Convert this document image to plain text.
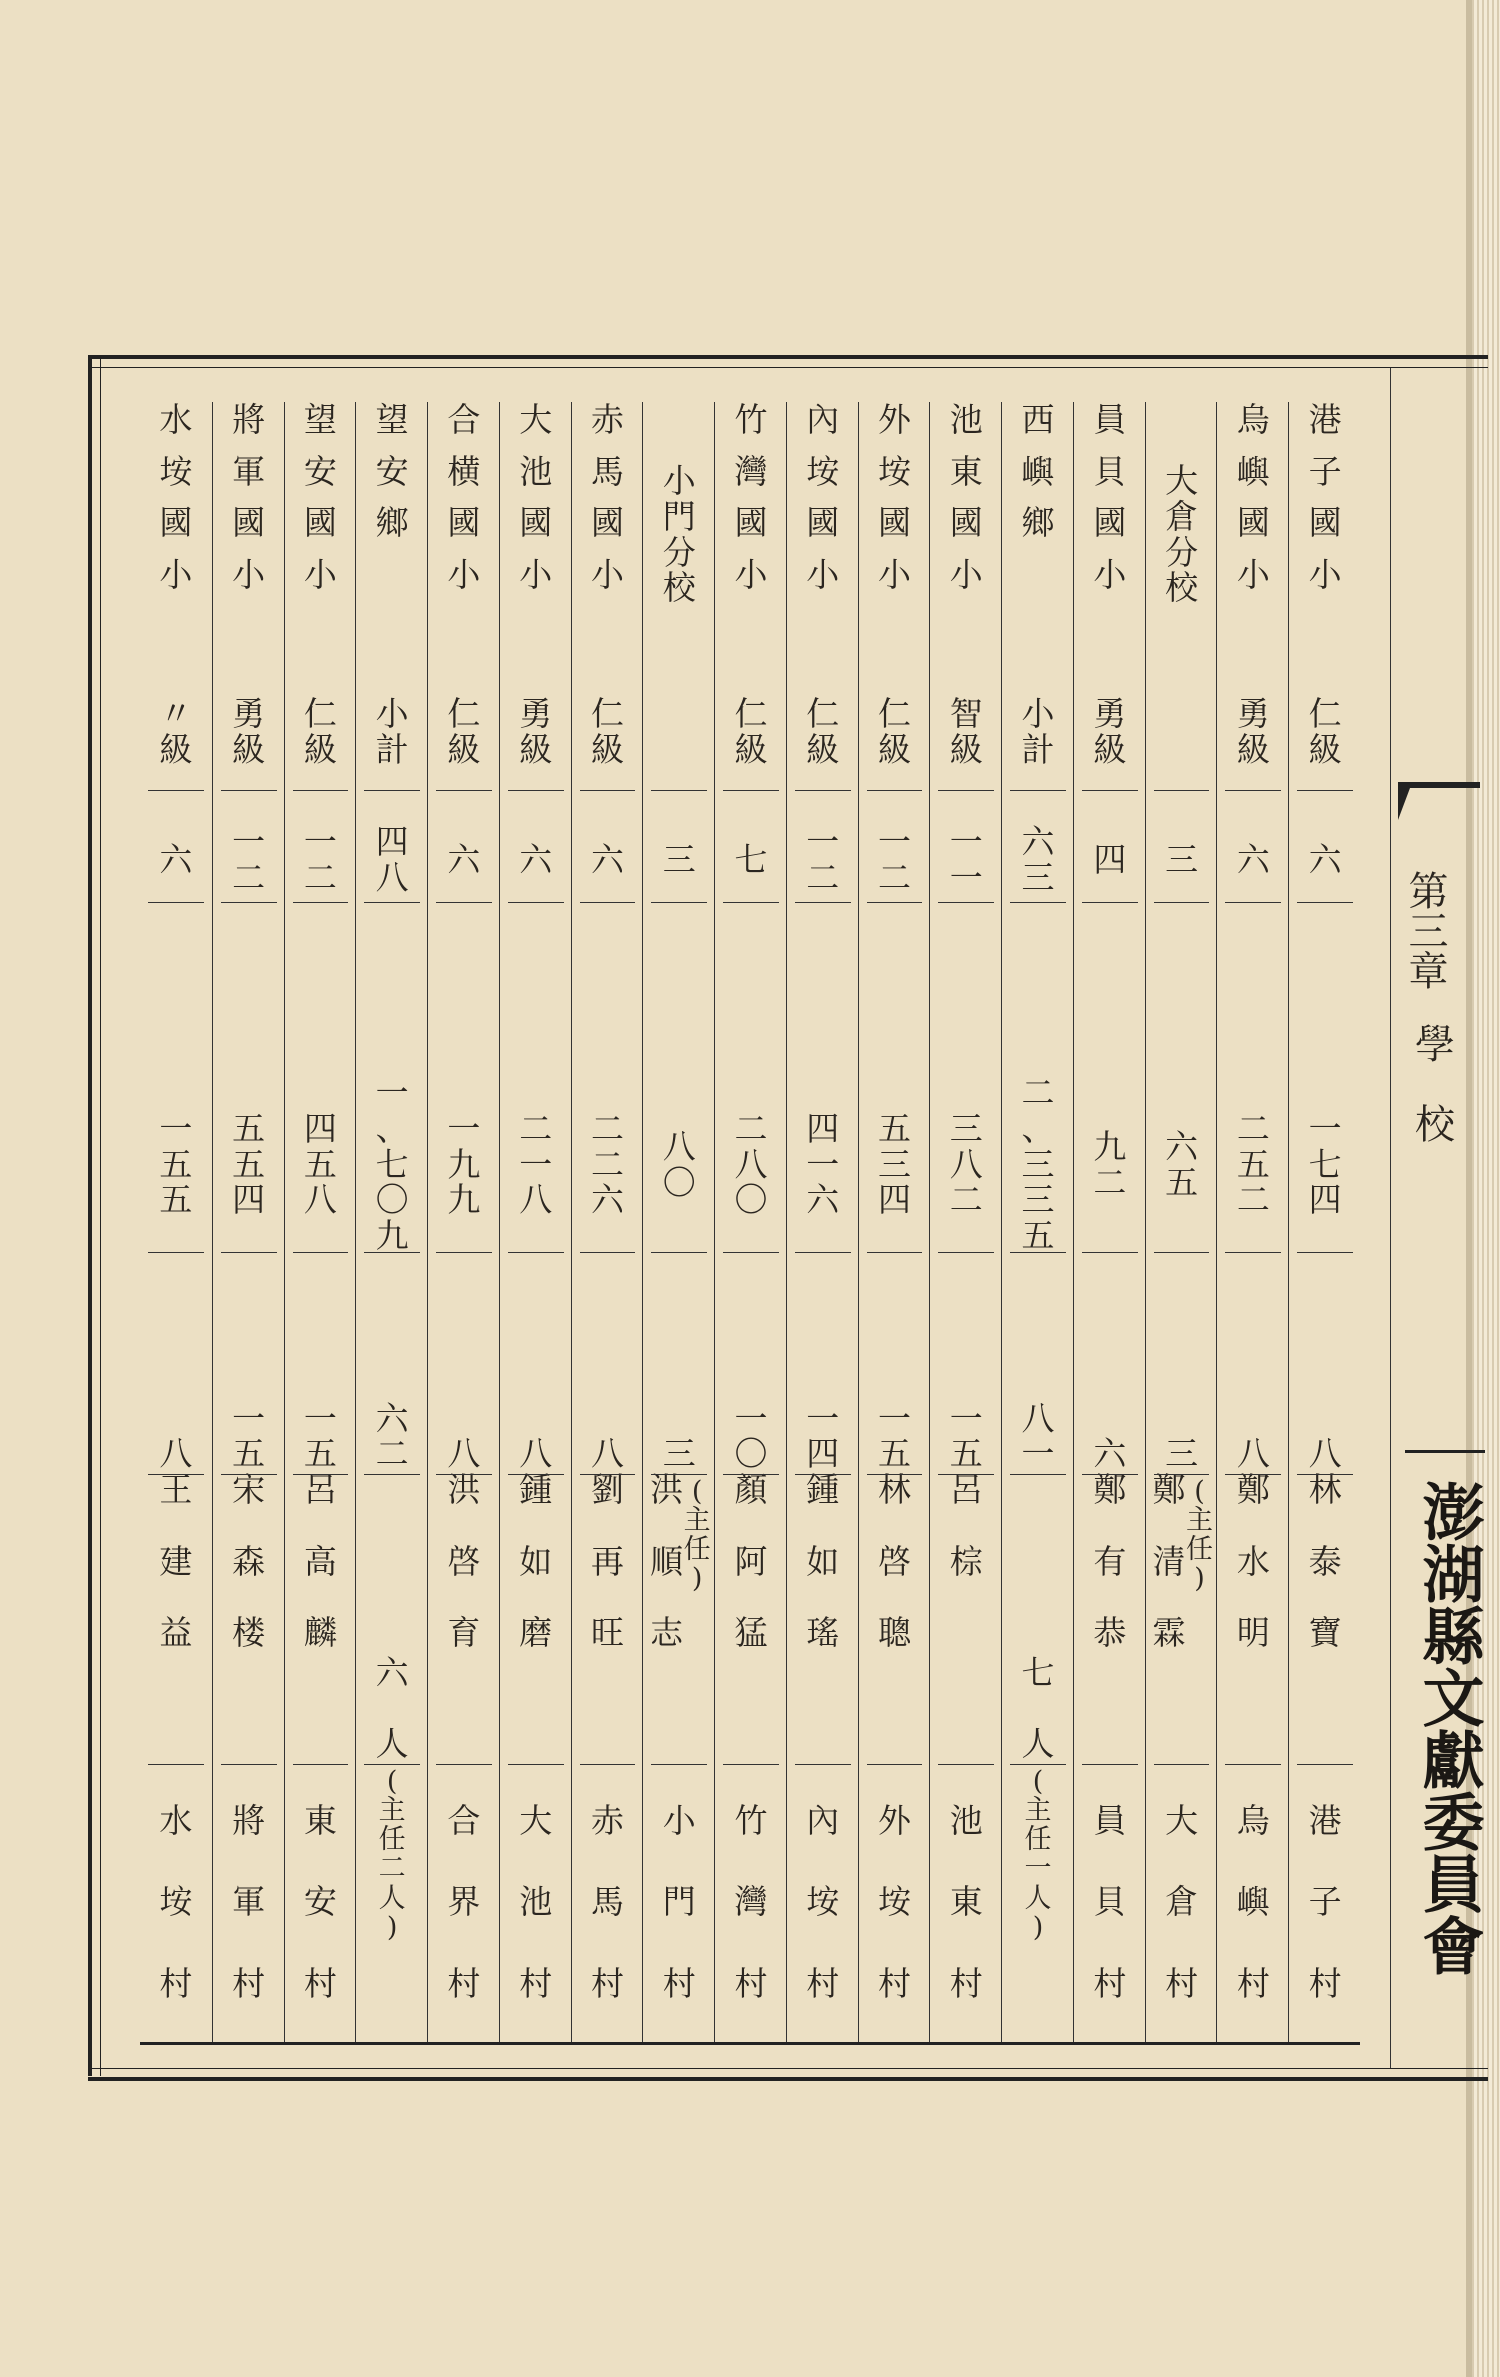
港
子
國
小
仁
級
六
一
七
四
八
林
泰
寶
港
子
村
烏
嶼
國
小
勇
級
六
二
五
二
八
鄭
水
明
烏
嶼
村
大
倉
分
校
三
六
五
三
(
主
任
)
鄭
清
霖
大
倉
村
員
貝
國
小
勇
級
四
九
二
六
鄭
有
恭
員
貝
村
西
嶼
鄉
小
計
六
三
二
、
三
三
五
八
一
七
人
(
主
任
一
人
)
池
東
國
小
智
級
一
一
三
八
二
一
五
呂
棕
池
東
村
外
垵
國
小
仁
級
一
二
五
三
四
一
五
林
啓
聰
外
垵
村
內
垵
國
小
仁
級
一
二
四
一
六
一
四
鍾
如
瑤
內
垵
村
竹
灣
國
小
仁
級
七
二
八
〇
一
〇
顏
阿
猛
竹
灣
村
小
門
分
校
三
八
〇
三
(
主
任
)
洪
順
志
小
門
村
赤
馬
國
小
仁
級
六
二
二
六
八
劉
再
旺
赤
馬
村
大
池
國
小
勇
級
六
二
一
八
八
鍾
如
磨
大
池
村
合
横
國
小
仁
級
六
一
九
九
八
洪
啓
育
合
界
村
望
安
鄉
小
計
四
八
一
、
七
〇
九
六
二
六
人
(
主
任
二
人
)
望
安
國
小
仁
級
一
二
四
五
八
一
五
呂
高
麟
東
安
村
將
軍
國
小
勇
級
一
二
五
五
四
一
五
宋
森
楼
將
軍
村
水
垵
國
小
〃
級
六
一
五
五
八
王
建
益
水
垵
村
第三章
學
校
澎湖縣文獻委員會
